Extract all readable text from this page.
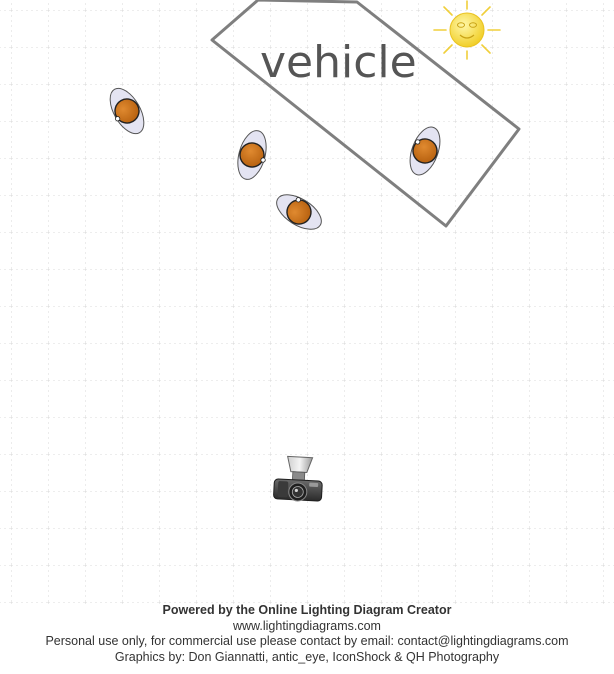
vehicle
Powered by the Online Lighting Diagram Creator
www.lightingdiagrams.com
Personal use only, for commercial use please contact by email: contact@lightingdiagrams.com
Graphics by: Don Giannatti, antic_eye, IconShock & QH Photography
